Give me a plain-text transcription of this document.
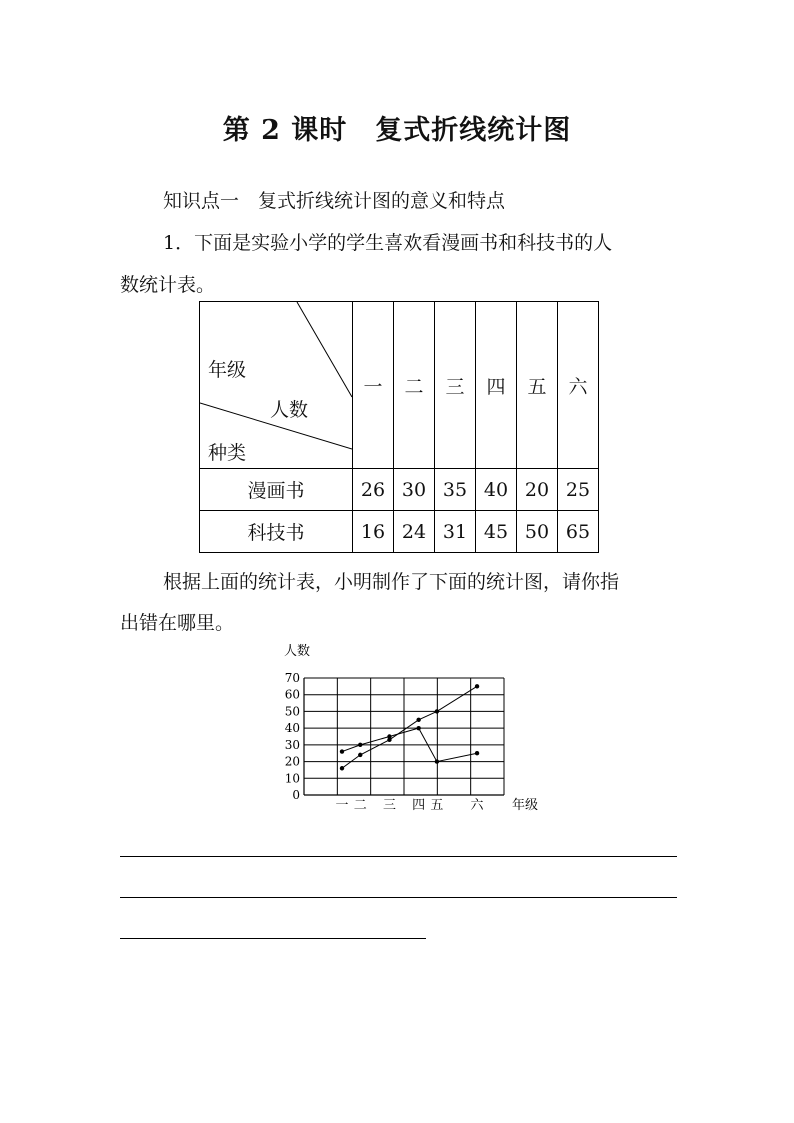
第 2 课时　复式折线统计图
知识点一　复式折线统计图的意义和特点
1．下面是实验小学的学生喜欢看漫画书和科技书的人
数统计表。
年级
人数
种类	一	二	三	四	五	六
漫画书	26	30	35	40	20	25
科技书	16	24	31	45	50	65
根据上面的统计表，小明制作了下面的统计图，请你指
出错在哪里。
0
10
20
30
40
50
60
70
人数
一 二 三 四 五 六 年级
